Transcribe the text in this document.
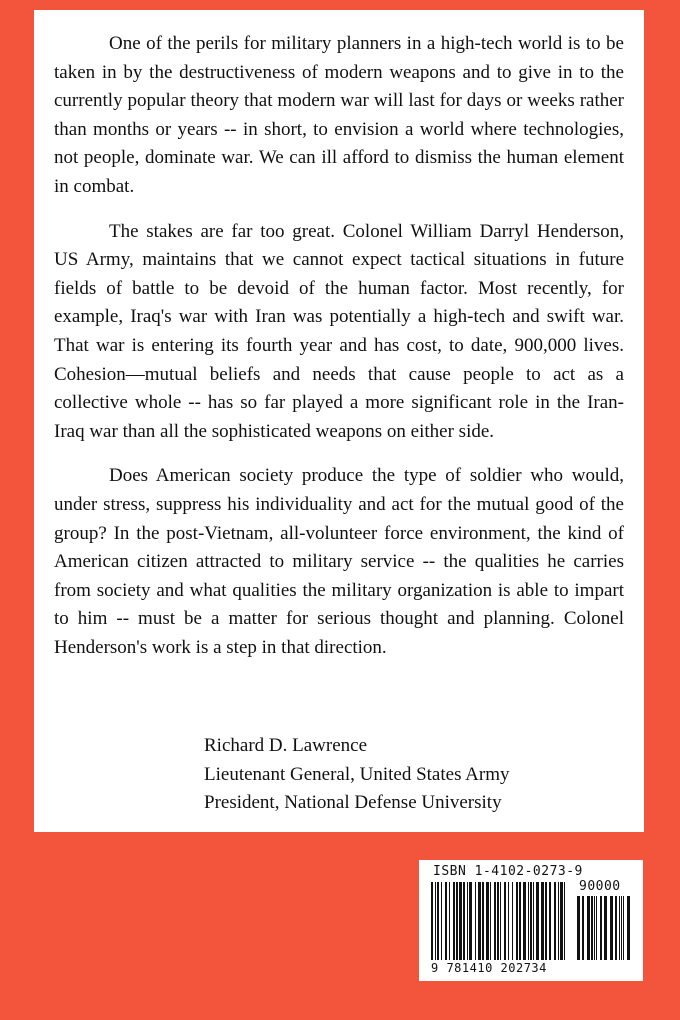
One of the perils for military planners in a high-tech world is to be taken in by the destructiveness of modern weapons and to give in to the currently popular theory that modern war will last for days or weeks rather than months or years -- in short, to envision a world where technologies, not people, dominate war. We can ill afford to dismiss the human element in combat.

The stakes are far too great. Colonel William Darryl Henderson, US Army, maintains that we cannot expect tactical situations in future fields of battle to be devoid of the human factor. Most recently, for example, Iraq's war with Iran was potentially a high-tech and swift war. That war is entering its fourth year and has cost, to date, 900,000 lives. Cohesion—mutual beliefs and needs that cause people to act as a collective whole -- has so far played a more significant role in the Iran-Iraq war than all the sophisticated weapons on either side.

Does American society produce the type of soldier who would, under stress, suppress his individuality and act for the mutual good of the group? In the post-Vietnam, all-volunteer force environment, the kind of American citizen attracted to military service -- the qualities he carries from society and what qualities the military organization is able to impart to him -- must be a matter for serious thought and planning. Colonel Henderson's work is a step in that direction.

Richard D. Lawrence
Lieutenant General, United States Army
President, National Defense University
ISBN 1-4102-0273-9
90000
9 781410 202734
